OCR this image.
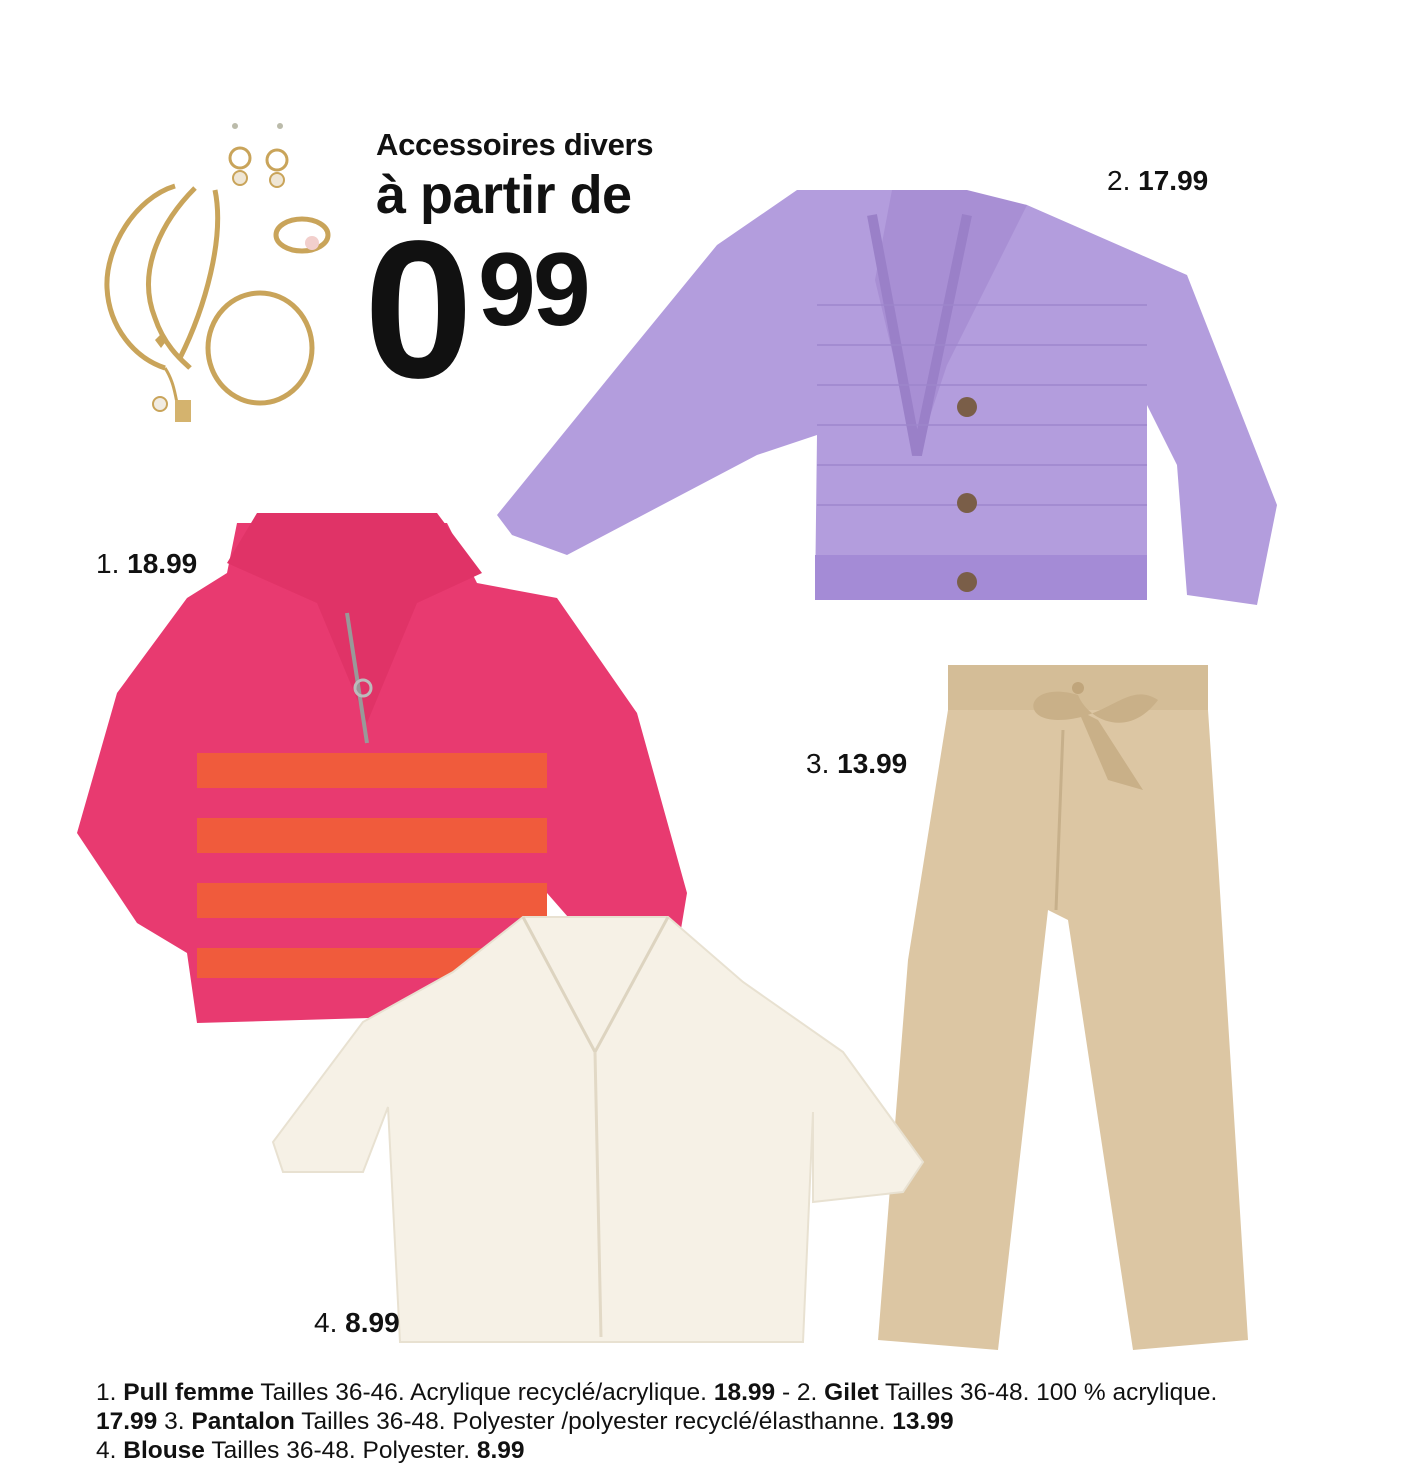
Accessoires divers
à partir de
0 99
1. 18.99
2. 17.99
3. 13.99
4. 8.99
1. Pull femme Tailles 36-46. Acrylique recyclé/acrylique. 18.99 - 2. Gilet Tailles 36-48. 100 % acrylique. 17.99 3. Pantalon Tailles 36-48. Polyester /polyester recyclé/élasthanne. 13.99
4. Blouse Tailles 36-48. Polyester. 8.99
